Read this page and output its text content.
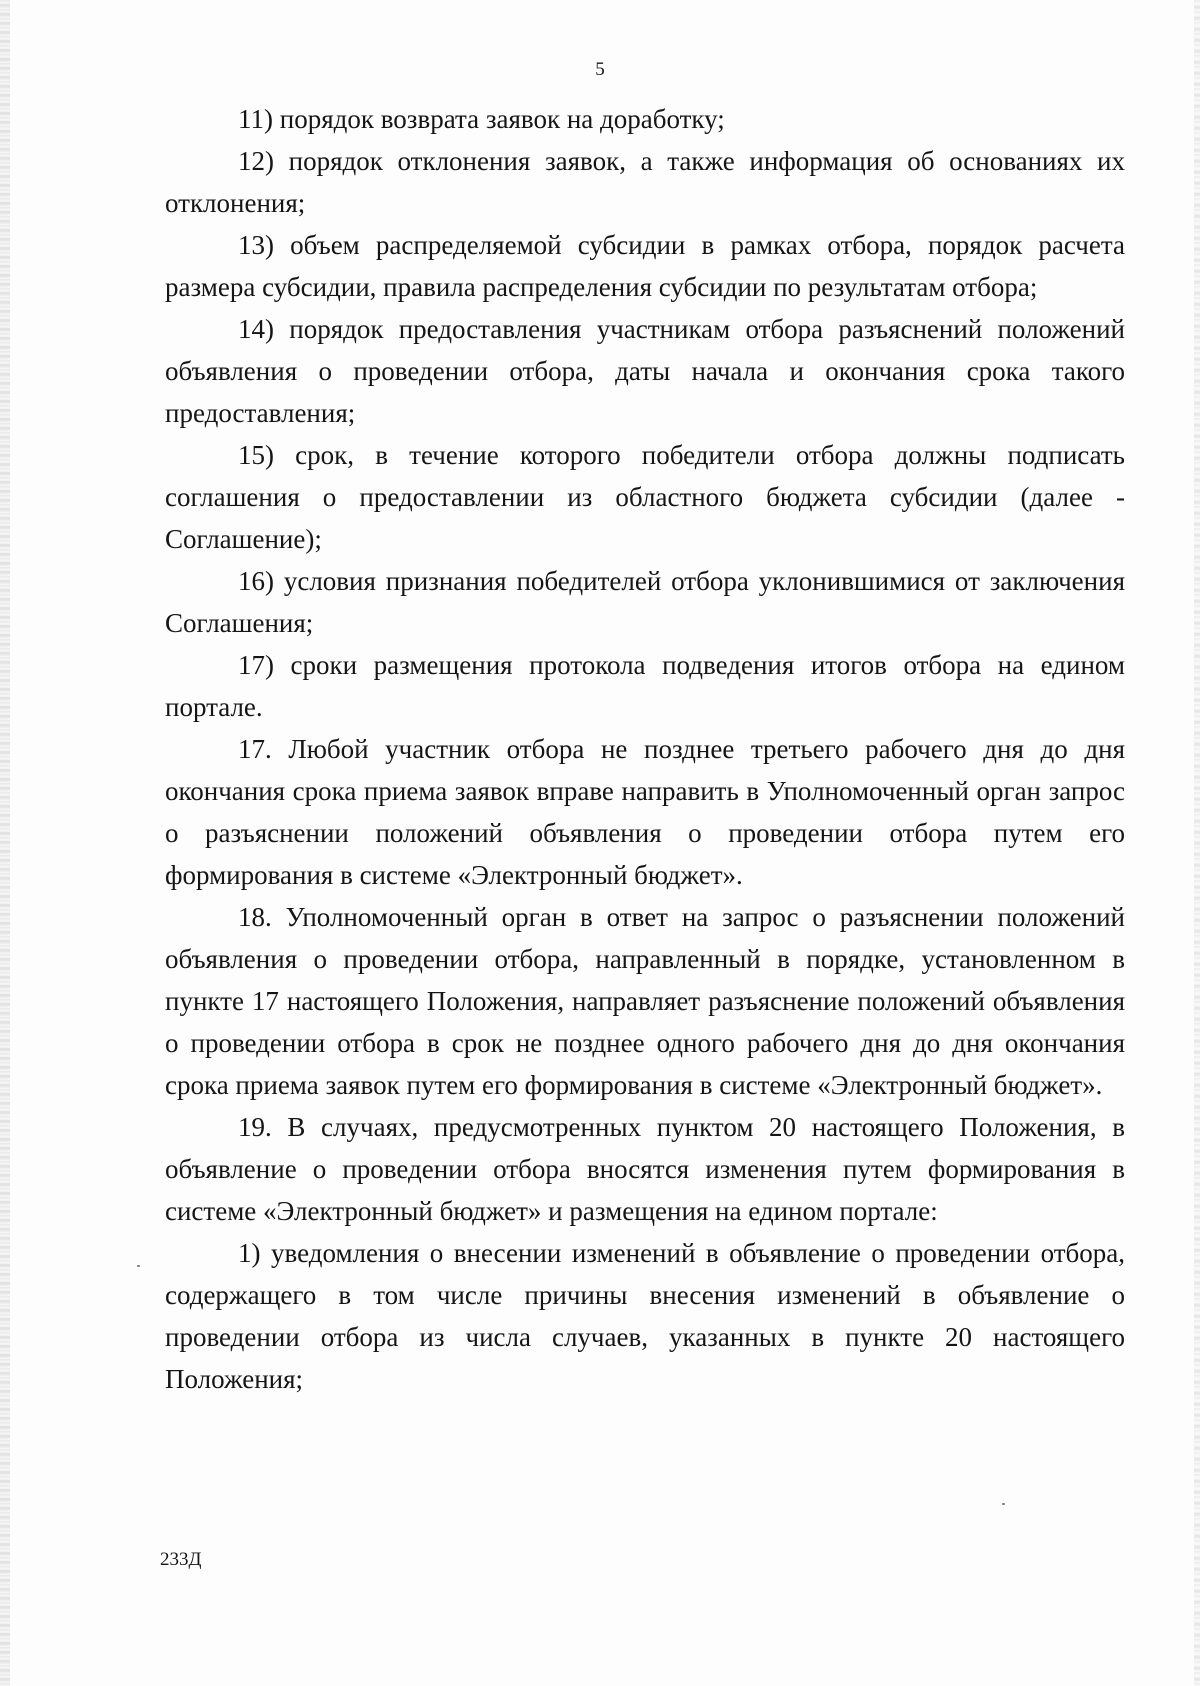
5

11) порядок возврата заявок на доработку;

12) порядок отклонения заявок, а также информация об основаниях их отклонения;

13) объем распределяемой субсидии в рамках отбора, порядок расчета размера субсидии, правила распределения субсидии по результатам отбора;

14) порядок предоставления участникам отбора разъяснений положений объявления о проведении отбора, даты начала и окончания срока такого предоставления;

15) срок, в течение которого победители отбора должны подписать соглашения о предоставлении из областного бюджета субсидии (далее - Соглашение);

16) условия признания победителей отбора уклонившимися от заключения Соглашения;

17) сроки размещения протокола подведения итогов отбора на едином портале.

17. Любой участник отбора не позднее третьего рабочего дня до дня окончания срока приема заявок вправе направить в Уполномоченный орган запрос о разъяснении положений объявления о проведении отбора путем его формирования в системе «Электронный бюджет».

18. Уполномоченный орган в ответ на запрос о разъяснении положений объявления о проведении отбора, направленный в порядке, установленном в пункте 17 настоящего Положения, направляет разъяснение положений объявления о проведении отбора в срок не позднее одного рабочего дня до дня окончания срока приема заявок путем его формирования в системе «Электронный бюджет».

19. В случаях, предусмотренных пунктом 20 настоящего Положения, в объявление о проведении отбора вносятся изменения путем формирования в системе «Электронный бюджет» и размещения на едином портале:

1) уведомления о внесении изменений в объявление о проведении отбора, содержащего в том числе причины внесения изменений в объявление о проведении отбора из числа случаев, указанных в пункте 20 настоящего Положения;

233Д
